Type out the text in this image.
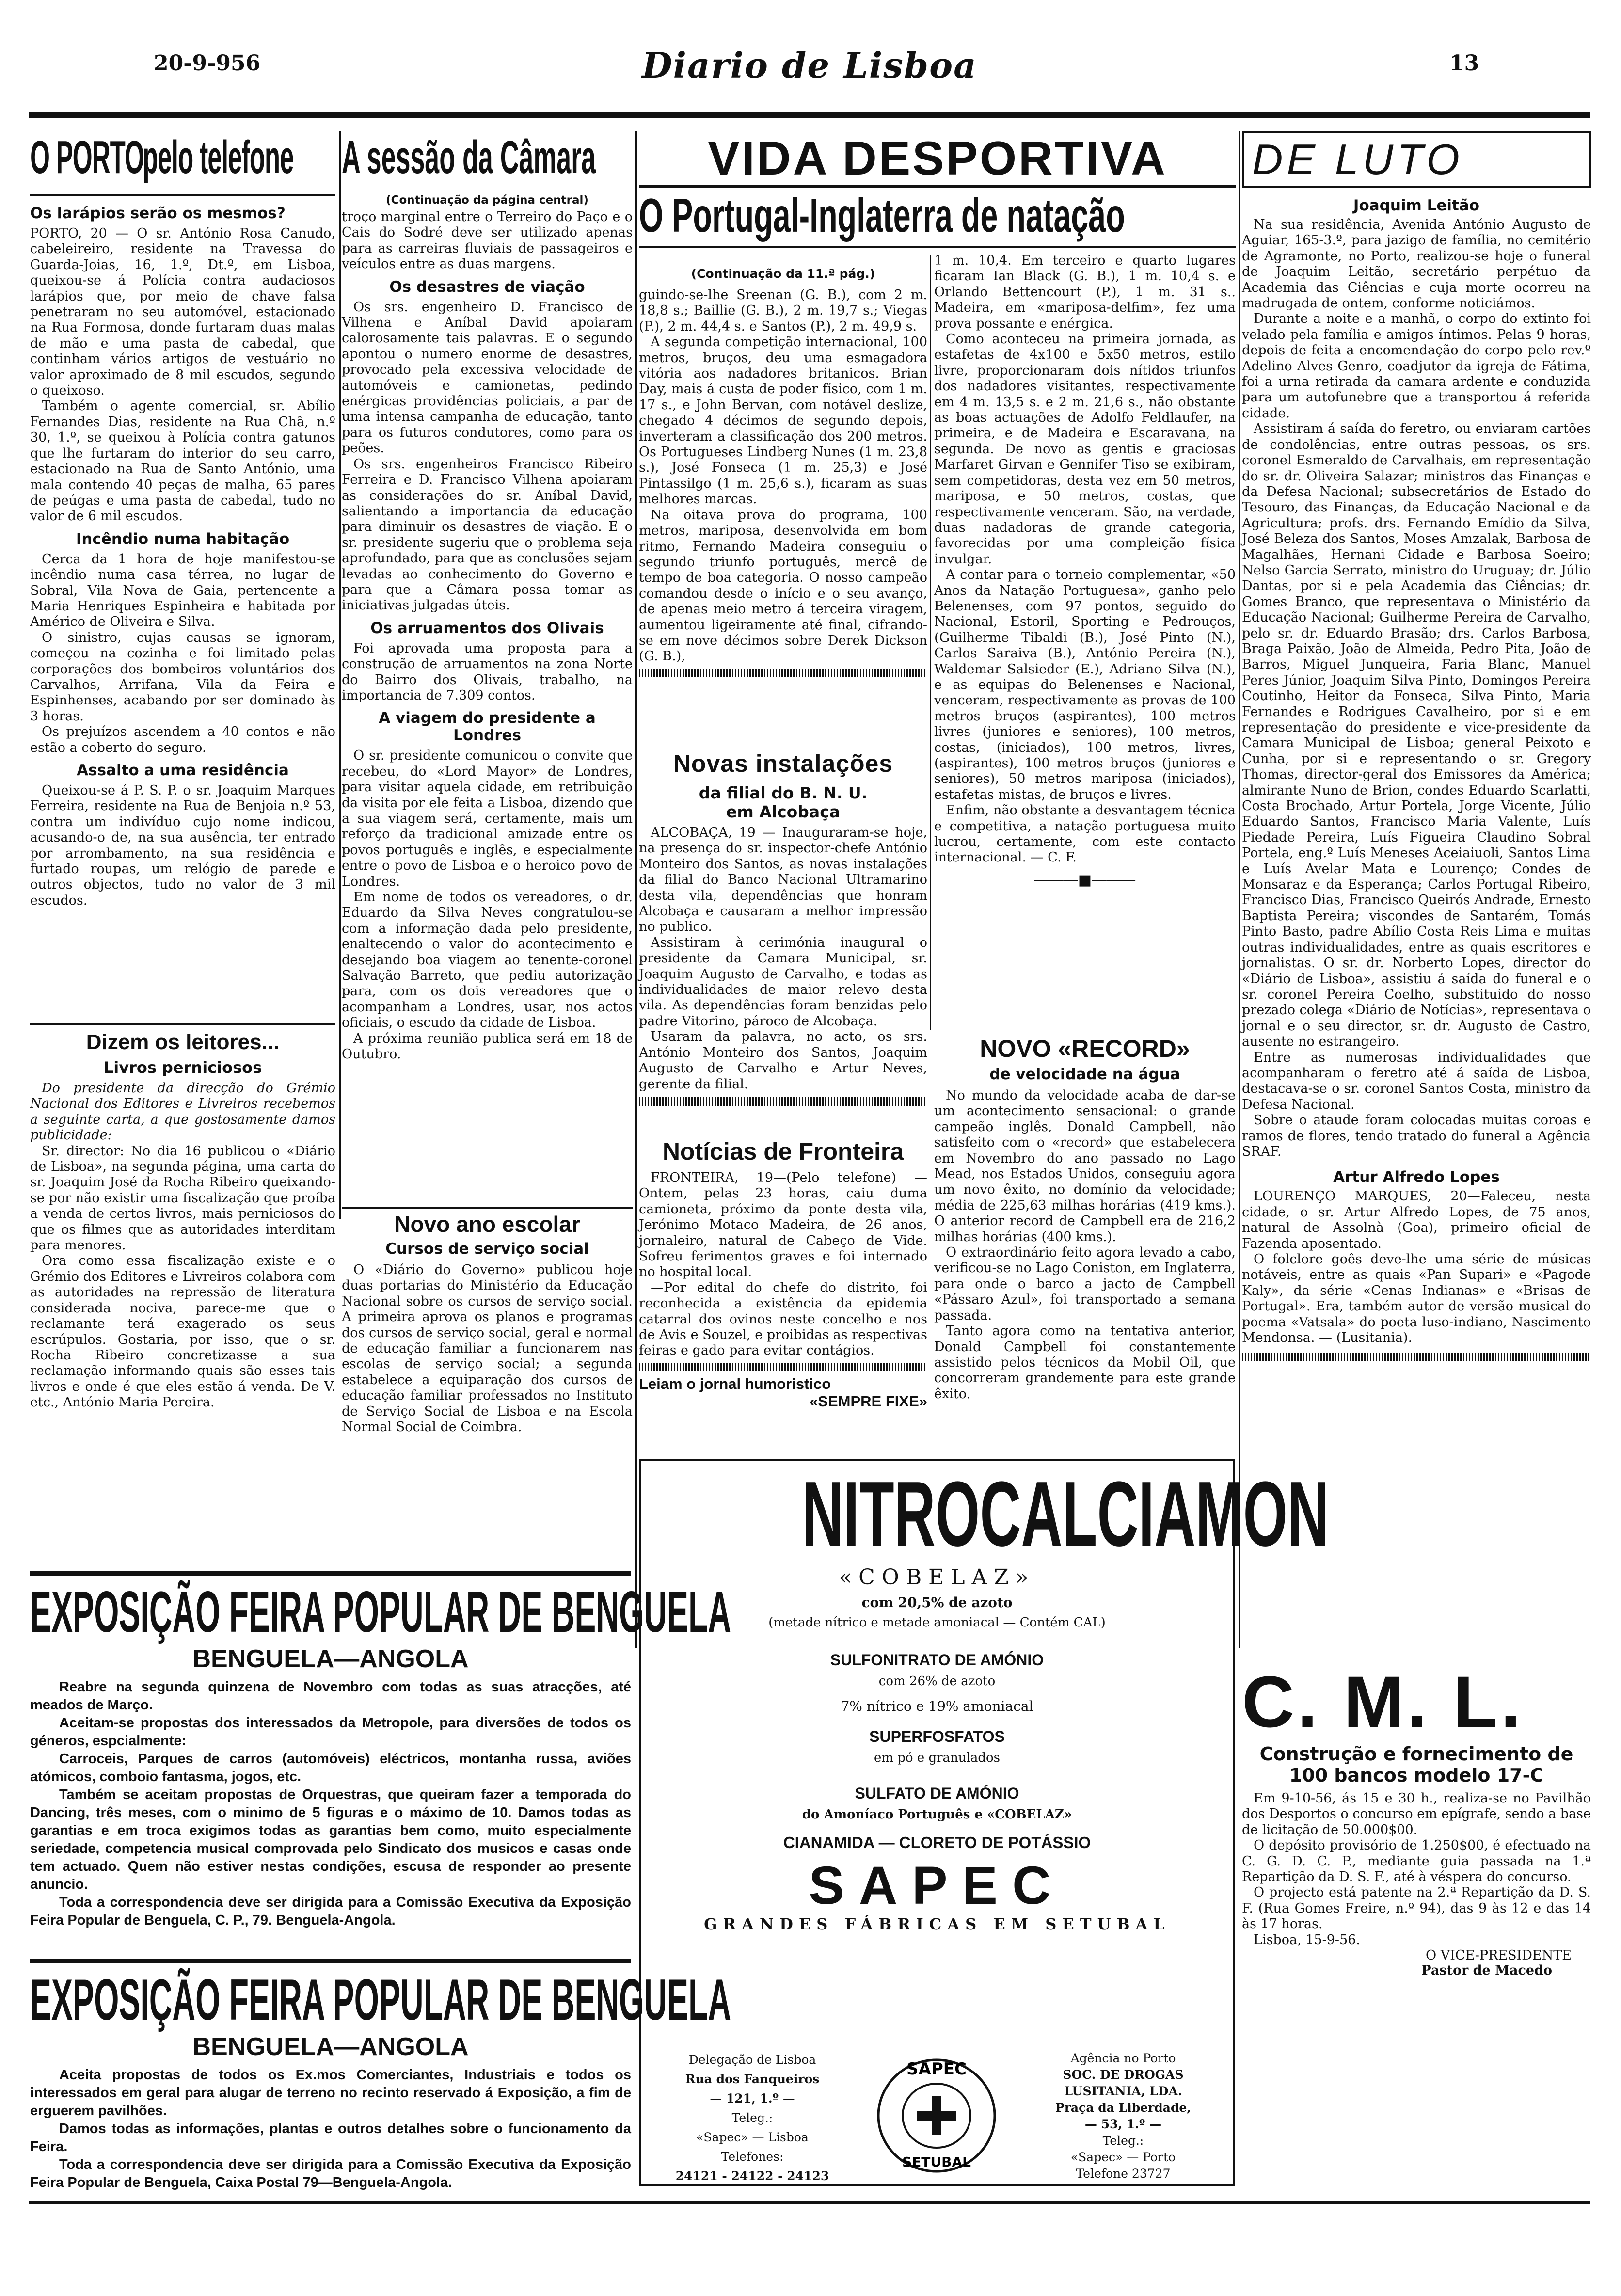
20-9-956	Diario de Lisboa	13
O PORTOpelo telefone
Os larápios serão os mesmos?

PORTO, 20 — O sr. António Rosa Canudo, cabeleireiro, residente na Travessa do Guarda-Joias, 16, 1.º, Dt.º, em Lisboa, queixou-se á Polícia contra audaciosos larápios que, por meio de chave falsa penetraram no seu automóvel, estacionado na Rua Formosa, donde furtaram duas malas de mão e uma pasta de cabedal, que continham vários artigos de vestuário no valor aproximado de 8 mil escudos, segundo o queixoso.

Também o agente comercial, sr. Abílio Fernandes Dias, residente na Rua Chã, n.º 30, 1.º, se queixou à Polícia contra gatunos que lhe furtaram do interior do seu carro, estacionado na Rua de Santo António, uma mala contendo 40 peças de malha, 65 pares de peúgas e uma pasta de cabedal, tudo no valor de 6 mil escudos.

Incêndio numa habitação

Cerca da 1 hora de hoje manifestou-se incêndio numa casa térrea, no lugar de Sobral, Vila Nova de Gaia, pertencente a Maria Henriques Espinheira e habitada por Américo de Oliveira e Silva.

O sinistro, cujas causas se ignoram, começou na cozinha e foi limitado pelas corporações dos bombeiros voluntários dos Carvalhos, Arrifana, Vila da Feira e Espinhenses, acabando por ser dominado às 3 horas.

Os prejuízos ascendem a 40 contos e não estão a coberto do seguro.

Assalto a uma residência

Queixou-se á P. S. P. o sr. Joaquim Marques Ferreira, residente na Rua de Benjoia n.º 53, contra um indivíduo cujo nome indicou, acusando-o de, na sua ausência, ter entrado por arrombamento, na sua residência e furtado roupas, um relógio de parede e outros objectos, tudo no valor de 3 mil escudos.

Dizem os leitores...
Livros perniciosos

Do presidente da direcção do Grémio Nacional dos Editores e Livreiros recebemos a seguinte carta, a que gostosamente damos publicidade:

Sr. director: No dia 16 publicou o «Diário de Lisboa», na segunda página, uma carta do sr. Joaquim José da Rocha Ribeiro queixando-se por não existir uma fiscalização que proíba a venda de certos livros, mais perniciosos do que os filmes que as autoridades interditam para menores.

Ora como essa fiscalização existe e o Grémio dos Editores e Livreiros colabora com as autoridades na repressão de literatura considerada nociva, parece-me que o reclamante terá exagerado os seus escrúpulos. Gostaria, por isso, que o sr. Rocha Ribeiro concretizasse a sua reclamação informando quais são esses tais livros e onde é que eles estão á venda. De V. etc., António Maria Pereira.

A sessão da Câmara
(Continuação da página central)

troço marginal entre o Terreiro do Paço e o Cais do Sodré deve ser utilizado apenas para as carreiras fluviais de passageiros e veículos entre as duas margens.

Os desastres de viação

Os srs. engenheiro D. Francisco de Vilhena e Aníbal David apoiaram calorosamente tais palavras. E o segundo apontou o numero enorme de desastres, provocado pela excessiva velocidade de automóveis e camionetas, pedindo enérgicas providências policiais, a par de uma intensa campanha de educação, tanto para os futuros condutores, como para os peões.

Os srs. engenheiros Francisco Ribeiro Ferreira e D. Francisco Vilhena apoiaram as considerações do sr. Aníbal David, salientando a importancia da educação para diminuir os desastres de viação. E o sr. presidente sugeriu que o problema seja aprofundado, para que as conclusões sejam levadas ao conhecimento do Governo e para que a Câmara possa tomar as iniciativas julgadas úteis.

Os arruamentos dos Olivais

Foi aprovada uma proposta para a construção de arruamentos na zona Norte do Bairro dos Olivais, trabalho, na importancia de 7.309 contos.

A viagem do presidente a Londres

O sr. presidente comunicou o convite que recebeu, do «Lord Mayor» de Londres, para visitar aquela cidade, em retribuição da visita por ele feita a Lisboa, dizendo que a sua viagem será, certamente, mais um reforço da tradicional amizade entre os povos português e inglês, e especialmente entre o povo de Lisboa e o heroico povo de Londres.

Em nome de todos os vereadores, o dr. Eduardo da Silva Neves congratulou-se com a informação dada pelo presidente, enaltecendo o valor do acontecimento e desejando boa viagem ao tenente-coronel Salvação Barreto, que pediu autorização para, com os dois vereadores que o acompanham a Londres, usar, nos actos oficiais, o escudo da cidade de Lisboa.

A próxima reunião publica será em 18 de Outubro.

Novo ano escolar
Cursos de serviço social

O «Diário do Governo» publicou hoje duas portarias do Ministério da Educação Nacional sobre os cursos de serviço social. A primeira aprova os planos e programas dos cursos de serviço social, geral e normal de educação familiar a funcionarem nas escolas de serviço social; a segunda estabelece a equiparação dos cursos de educação familiar professados no Instituto de Serviço Social de Lisboa e na Escola Normal Social de Coimbra.

VIDA DESPORTIVA
O Portugal-Inglaterra de natação
(Continuação da 11.ª pág.)

guindo-se-lhe Sreenan (G. B.), com 2 m. 18,8 s.; Baillie (G. B.), 2 m. 19,7 s.; Viegas (P.), 2 m. 44,4 s. e Santos (P.), 2 m. 49,9 s.

A segunda competição internacional, 100 metros, bruços, deu uma esmagadora vitória aos nadadores britanicos. Brian Day, mais á custa de poder físico, com 1 m. 17 s., e John Bervan, com notável deslize, chegado 4 décimos de segundo depois, inverteram a classificação dos 200 metros. Os Portugueses Lindberg Nunes (1 m. 23,8 s.), José Fonseca (1 m. 25,3) e José Pintassilgo (1 m. 25,6 s.), ficaram as suas melhores marcas.

Na oitava prova do programa, 100 metros, mariposa, desenvolvida em bom ritmo, Fernando Madeira conseguiu o segundo triunfo português, mercê de tempo de boa categoria. O nosso campeão comandou desde o início e o seu avanço, de apenas meio metro á terceira viragem, aumentou ligeiramente até final, cifrando-se em nove décimos sobre Derek Dickson (G. B.),

1 m. 10,4. Em terceiro e quarto lugares ficaram Ian Black (G. B.), 1 m. 10,4 s. e Orlando Bettencourt (P.), 1 m. 31 s.. Madeira, em «mariposa-delfim», fez uma prova possante e enérgica.

Como aconteceu na primeira jornada, as estafetas de 4x100 e 5x50 metros, estilo livre, proporcionaram dois nítidos triunfos dos nadadores visitantes, respectivamente em 4 m. 13,5 s. e 2 m. 21,6 s., não obstante as boas actuações de Adolfo Feldlaufer, na primeira, e de Madeira e Escaravana, na segunda. De novo as gentis e graciosas Marfaret Girvan e Gennifer Tiso se exibiram, sem competidoras, desta vez em 50 metros, mariposa, e 50 metros, costas, que respectivamente venceram. São, na verdade, duas nadadoras de grande categoria, favorecidas por uma compleição física invulgar.

A contar para o torneio complementar, «50 Anos da Natação Portuguesa», ganho pelo Belenenses, com 97 pontos, seguido do Nacional, Estoril, Sporting e Pedrouços, (Guilherme Tibaldi (B.), José Pinto (N.), Carlos Saraiva (B.), António Pereira (N.), Waldemar Salsieder (E.), Adriano Silva (N.), e as equipas do Belenenses e Nacional, venceram, respectivamente as provas de 100 metros bruços (aspirantes), 100 metros livres (juniores e seniores), 100 metros, costas, (iniciados), 100 metros, livres, (aspirantes), 100 metros bruços (juniores e seniores), 50 metros mariposa (iniciados), estafetas mistas, de bruços e livres.

Enfim, não obstante a desvantagem técnica e competitiva, a natação portuguesa muito lucrou, certamente, com este contacto internacional. — C. F.

―――■―――
Novas instalações
da filial do B. N. U. em Alcobaça

ALCOBAÇA, 19 — Inauguraram-se hoje, na presença do sr. inspector-chefe António Monteiro dos Santos, as novas instalações da filial do Banco Nacional Ultramarino desta vila, dependências que honram Alcobaça e causaram a melhor impressão no publico.

Assistiram à cerimónia inaugural o presidente da Camara Municipal, sr. Joaquim Augusto de Carvalho, e todas as individualidades de maior relevo desta vila. As dependências foram benzidas pelo padre Vitorino, pároco de Alcobaça.

Usaram da palavra, no acto, os srs. António Monteiro dos Santos, Joaquim Augusto de Carvalho e Artur Neves, gerente da filial.

Notícias de Fronteira

FRONTEIRA, 19—(Pelo telefone) —Ontem, pelas 23 horas, caiu duma camioneta, próximo da ponte desta vila, Jerónimo Motaco Madeira, de 26 anos, jornaleiro, natural de Cabeço de Vide. Sofreu ferimentos graves e foi internado no hospital local.

—Por edital do chefe do distrito, foi reconhecida a existência da epidemia catarral dos ovinos neste concelho e nos de Avis e Souzel, e proibidas as respectivas feiras e gado para evitar contágios.

Leiam o jornal humoristico
«SEMPRE FIXE»
NOVO «RECORD»
de velocidade na água

No mundo da velocidade acaba de dar-se um acontecimento sensacional: o grande campeão inglês, Donald Campbell, não satisfeito com o «record» que estabelecera em Novembro do ano passado no Lago Mead, nos Estados Unidos, conseguiu agora um novo êxito, no domínio da velocidade; média de 225,63 milhas horárias (419 kms.). O anterior record de Campbell era de 216,2 milhas horárias (400 kms.).

O extraordinário feito agora levado a cabo, verificou-se no Lago Coniston, em Inglaterra, para onde o barco a jacto de Campbell «Pássaro Azul», foi transportado a semana passada.

Tanto agora como na tentativa anterior, Donald Campbell foi constantemente assistido pelos técnicos da Mobil Oil, que concorreram grandemente para este grande êxito.

DE LUTO
Joaquim Leitão

Na sua residência, Avenida António Augusto de Aguiar, 165-3.º, para jazigo de família, no cemitério de Agramonte, no Porto, realizou-se hoje o funeral de Joaquim Leitão, secretário perpétuo da Academia das Ciências e cuja morte ocorreu na madrugada de ontem, conforme noticiámos.

Durante a noite e a manhã, o corpo do extinto foi velado pela família e amigos íntimos. Pelas 9 horas, depois de feita a encomendação do corpo pelo rev.º Adelino Alves Genro, coadjutor da igreja de Fátima, foi a urna retirada da camara ardente e conduzida para um autofunebre que a transportou á referida cidade.

Assistiram á saída do feretro, ou enviaram cartões de condolências, entre outras pessoas, os srs. coronel Esmeraldo de Carvalhais, em representação do sr. dr. Oliveira Salazar; ministros das Finanças e da Defesa Nacional; subsecretários de Estado do Tesouro, das Finanças, da Educação Nacional e da Agricultura; profs. drs. Fernando Emídio da Silva, José Beleza dos Santos, Moses Amzalak, Barbosa de Magalhães, Hernani Cidade e Barbosa Soeiro; Nelso Garcia Serrato, ministro do Uruguay; dr. Júlio Dantas, por si e pela Academia das Ciências; dr. Gomes Branco, que representava o Ministério da Educação Nacional; Guilherme Pereira de Carvalho, pelo sr. dr. Eduardo Brasão; drs. Carlos Barbosa, Braga Paixão, João de Almeida, Pedro Pita, João de Barros, Miguel Junqueira, Faria Blanc, Manuel Peres Júnior, Joaquim Silva Pinto, Domingos Pereira Coutinho, Heitor da Fonseca, Silva Pinto, Maria Fernandes e Rodrigues Cavalheiro, por si e em representação do presidente e vice-presidente da Camara Municipal de Lisboa; general Peixoto e Cunha, por si e representando o sr. Gregory Thomas, director-geral dos Emissores da América; almirante Nuno de Brion, condes Eduardo Scarlatti, Costa Brochado, Artur Portela, Jorge Vicente, Júlio Eduardo Santos, Francisco Maria Valente, Luís Piedade Pereira, Luís Figueira Claudino Sobral Portela, eng.º Luís Meneses Aceiaiuoli, Santos Lima e Luís Avelar Mata e Lourenço; Condes de Monsaraz e da Esperança; Carlos Portugal Ribeiro, Francisco Dias, Francisco Queirós Andrade, Ernesto Baptista Pereira; viscondes de Santarém, Tomás Pinto Basto, padre Abílio Costa Reis Lima e muitas outras individualidades, entre as quais escritores e jornalistas. O sr. dr. Norberto Lopes, director do «Diário de Lisboa», assistiu á saída do funeral e o sr. coronel Pereira Coelho, substituido do nosso prezado colega «Diário de Notícias», representava o jornal e o seu director, sr. dr. Augusto de Castro, ausente no estrangeiro.

Entre as numerosas individualidades que acompanharam o feretro até á saída de Lisboa, destacava-se o sr. coronel Santos Costa, ministro da Defesa Nacional.

Sobre o ataude foram colocadas muitas coroas e ramos de flores, tendo tratado do funeral a Agência SRAF.

Artur Alfredo Lopes

LOURENÇO MARQUES, 20—Faleceu, nesta cidade, o sr. Artur Alfredo Lopes, de 75 anos, natural de Assolnà (Goa), primeiro oficial de Fazenda aposentado.

O folclore goês deve-lhe uma série de músicas notáveis, entre as quais «Pan Supari» e «Pagode Kaly», da série «Cenas Indianas» e «Brisas de Portugal». Era, também autor de versão musical do poema «Vatsala» do poeta luso-indiano, Nascimento Mendonsa. — (Lusitania).

C. M. L.
Construção e fornecimento de 100 bancos modelo 17-C

Em 9-10-56, ás 15 e 30 h., realiza-se no Pavilhão dos Desportos o concurso em epígrafe, sendo a base de licitação de 50.000$00.

O depósito provisório de 1.250$00, é efectuado na C. G. D. C. P., mediante guia passada na 1.ª Repartição da D. S. F., até à véspera do concurso.

O projecto está patente na 2.ª Repartição da D. S. F. (Rua Gomes Freire, n.º 94), das 9 às 12 e das 14 às 17 horas.

Lisboa, 15-9-56.

O VICE-PRESIDENTE
Pastor de Macedo
EXPOSIÇÃO FEIRA POPULAR DE BENGUELA
BENGUELA—ANGOLA

Reabre na segunda quinzena de Novembro com todas as suas atracções, até meados de Março.

Aceitam-se propostas dos interessados da Metropole, para diversões de todos os géneros, espcialmente:

Carroceis, Parques de carros (automóveis) eléctricos, montanha russa, aviões atómicos, comboio fantasma, jogos, etc.

Também se aceitam propostas de Orquestras, que queiram fazer a temporada do Dancing, três meses, com o minimo de 5 figuras e o máximo de 10. Damos todas as garantias e em troca exigimos todas as garantias bem como, muito especialmente seriedade, competencia musical comprovada pelo Sindicato dos musicos e casas onde tem actuado. Quem não estiver nestas condições, escusa de responder ao presente anuncio.

Toda a correspondencia deve ser dirigida para a Comissão Executiva da Exposição Feira Popular de Benguela, C. P., 79. Benguela-Angola.

EXPOSIÇÃO FEIRA POPULAR DE BENGUELA
BENGUELA—ANGOLA

Aceita propostas de todos os Ex.mos Comerciantes, Industriais e todos os interessados em geral para alugar de terreno no recinto reservado á Exposição, a fim de erguerem pavilhões.

Damos todas as informações, plantas e outros detalhes sobre o funcionamento da Feira.

Toda a correspondencia deve ser dirigida para a Comissão Executiva da Exposição Feira Popular de Benguela, Caixa Postal 79—Benguela-Angola.

NITROCALCIAMON
«COBELAZ»
com 20,5% de azoto
(metade nítrico e metade amoniacal — Contém CAL)
SULFONITRATO DE AMÓNIO
com 26% de azoto
7% nítrico e 19% amoniacal
SUPERFOSFATOS
em pó e granulados
SULFATO DE AMÓNIO
do Amoníaco Português e «COBELAZ»
CIANAMIDA — CLORETO DE POTÁSSIO
SAPEC
GRANDES FÁBRICAS EM SETUBAL
Delegação de Lisboa
Rua dos Fanqueiros
— 121, 1.º —
Teleg.:
«Sapec» — Lisboa
Telefones:
24121 - 24122 - 24123
SAPEC
SETUBAL
Agência no Porto
SOC. DE DROGAS
LUSITANIA, LDA.
Praça da Liberdade,
— 53, 1.º —
Teleg.:
«Sapec» — Porto
Telefone 23727
